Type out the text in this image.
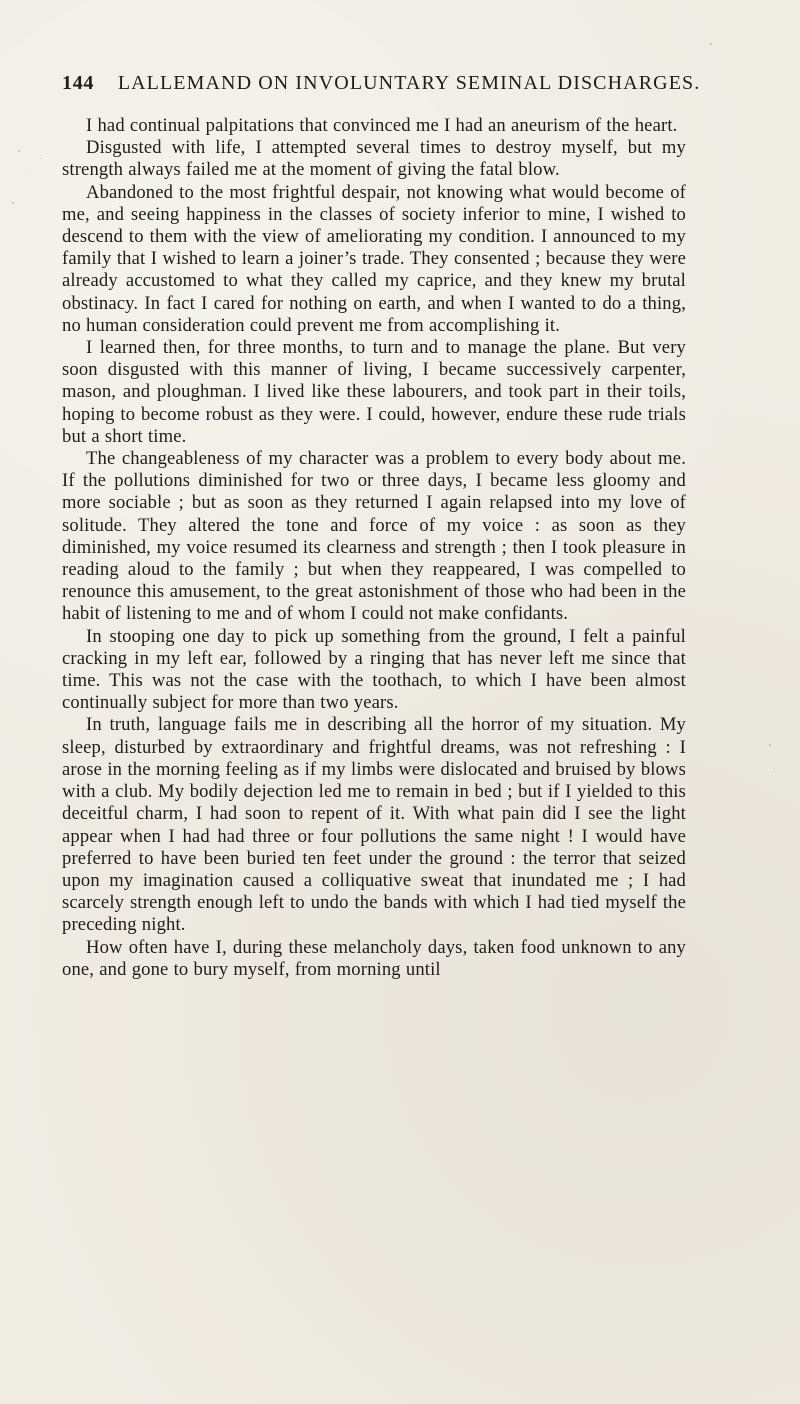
144 LALLEMAND ON INVOLUNTARY SEMINAL DISCHARGES.

I had continual palpitations that convinced me I had an aneurism of the heart.

Disgusted with life, I attempted several times to destroy myself, but my strength always failed me at the moment of giving the fatal blow.

Abandoned to the most frightful despair, not knowing what would become of me, and seeing happiness in the classes of society inferior to mine, I wished to descend to them with the view of ameliorating my condition. I announced to my family that I wished to learn a joiner’s trade. They consented ; because they were already accustomed to what they called my caprice, and they knew my brutal obstinacy. In fact I cared for nothing on earth, and when I wanted to do a thing, no human consideration could prevent me from accomplishing it.

I learned then, for three months, to turn and to manage the plane. But very soon disgusted with this manner of living, I became successively carpenter, mason, and ploughman. I lived like these labourers, and took part in their toils, hoping to become robust as they were. I could, however, endure these rude trials but a short time.

The changeableness of my character was a problem to every body about me. If the pollutions diminished for two or three days, I became less gloomy and more sociable ; but as soon as they returned I again relapsed into my love of solitude. They altered the tone and force of my voice : as soon as they diminished, my voice resumed its clearness and strength ; then I took pleasure in reading aloud to the family ; but when they reappeared, I was compelled to renounce this amusement, to the great astonishment of those who had been in the habit of listening to me and of whom I could not make confidants.

In stooping one day to pick up something from the ground, I felt a painful cracking in my left ear, followed by a ringing that has never left me since that time. This was not the case with the toothach, to which I have been almost continually subject for more than two years.

In truth, language fails me in describing all the horror of my situation. My sleep, disturbed by extraordinary and frightful dreams, was not refreshing : I arose in the morning feeling as if my limbs were dislocated and bruised by blows with a club. My bodily dejection led me to remain in bed ; but if I yielded to this deceitful charm, I had soon to repent of it. With what pain did I see the light appear when I had had three or four pollutions the same night ! I would have preferred to have been buried ten feet under the ground : the terror that seized upon my imagination caused a colliquative sweat that inundated me ; I had scarcely strength enough left to undo the bands with which I had tied myself the preceding night.

How often have I, during these melancholy days, taken food unknown to any one, and gone to bury myself, from morning until
